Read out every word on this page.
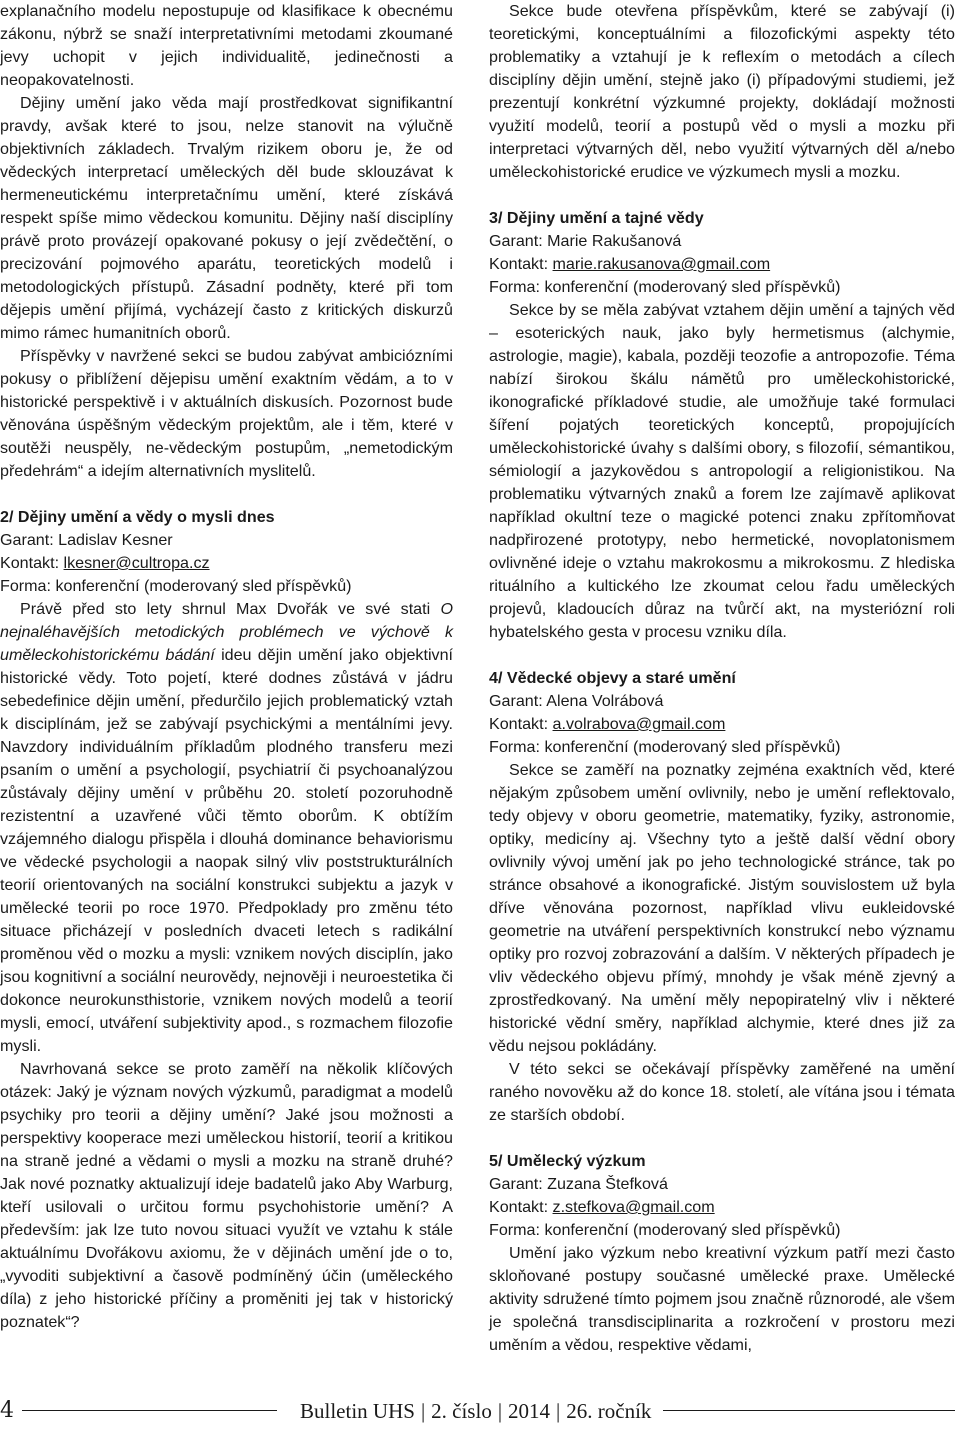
explanačního modelu nepostupuje od klasifikace k obecnému zákonu, nýbrž se snaží interpretativními metodami zkoumané jevy uchopit v jejich individualitě, jedinečnosti a neopakovatelnosti.

Dějiny umění jako věda mají prostředkovat signifikantní pravdy, avšak které to jsou, nelze stanovit na výlučně objektivních základech. Trvalým rizikem oboru je, že od vědeckých interpretací uměleckých děl bude sklouzávat k hermeneutickému interpretačnímu umění, které získává respekt spíše mimo vědeckou komunitu. Dějiny naší disciplíny právě proto provázejí opakované pokusy o její zvědečtění, o precizování pojmového aparátu, teoretických modelů i metodologických přístupů. Zásadní podněty, které při tom dějepis umění přijímá, vycházejí často z kritických diskurzů mimo rámec humanitních oborů.

Příspěvky v navržené sekci se budou zabývat ambiciózními pokusy o přiblížení dějepisu umění exaktním vědám, a to v historické perspektivě i v aktuálních diskusích. Pozornost bude věnována úspěšným vědeckým projektům, ale i těm, které v soutěži neuspěly, ne-vědeckým postupům, „nemetodickým předehrám“ a idejím alternativních myslitelů.

2/ Dějiny umění a vědy o mysli dnes

Garant: Ladislav Kesner

Kontakt: lkesner@cultropa.cz

Forma: konferenční (moderovaný sled příspěvků)

Právě před sto lety shrnul Max Dvořák ve své stati O nejnaléhavějších metodických problémech ve výchově k uměleckohistorickému bádání ideu dějin umění jako objektivní historické vědy. Toto pojetí, které dodnes zůstává v jádru sebedefinice dějin umění, předurčilo jejich problematický vztah k disciplínám, jež se zabývají psychickými a mentálními jevy. Navzdory individuálním příkladům plodného transferu mezi psaním o umění a psychologií, psychiatrií či psychoanalýzou zůstávaly dějiny umění v průběhu 20. století pozoruhodně rezistentní a uzavřené vůči těmto oborům. K obtížím vzájemného dialogu přispěla i dlouhá dominance behaviorismu ve vědecké psychologii a naopak silný vliv poststrukturálních teorií orientovaných na sociální konstrukci subjektu a jazyk v umělecké teorii po roce 1970. Předpoklady pro změnu této situace přicházejí v posledních dvaceti letech s radikální proměnou věd o mozku a mysli: vznikem nových disciplín, jako jsou kognitivní a sociální neurovědy, nejnověji i neuroestetika či dokonce neurokunsthistorie, vznikem nových modelů a teorií mysli, emocí, utváření subjektivity apod., s rozmachem filozofie mysli.

Navrhovaná sekce se proto zaměří na několik klíčových otázek: Jaký je význam nových výzkumů, paradigmat a modelů psychiky pro teorii a dějiny umění? Jaké jsou možnosti a perspektivy kooperace mezi uměleckou historií, teorií a kritikou na straně jedné a vědami o mysli a mozku na straně druhé? Jak nové poznatky aktualizují ideje badatelů jako Aby Warburg, kteří usilovali o určitou formu psychohistorie umění? A především: jak lze tuto novou situaci využít ve vztahu k stále aktuálnímu Dvořákovu axiomu, že v dějinách umění jde o to, „vyvoditi subjektivní a časově podmíněný účin (uměleckého díla) z jeho historické příčiny a proměniti jej tak v historický poznatek“?

Sekce bude otevřena příspěvkům, které se zabývají (i) teoretickými, konceptuálními a filozofickými aspekty této problematiky a vztahují je k reflexím o metodách a cílech disciplíny dějin umění, stejně jako (i) případovými studiemi, jež prezentují konkrétní výzkumné projekty, dokládají možnosti využití modelů, teorií a postupů věd o mysli a mozku při interpretaci výtvarných děl, nebo využití výtvarných děl a/nebo uměleckohistorické erudice ve výzkumech mysli a mozku.

3/ Dějiny umění a tajné vědy

Garant: Marie Rakušanová

Kontakt: marie.rakusanova@gmail.com

Forma: konferenční (moderovaný sled příspěvků)

Sekce by se měla zabývat vztahem dějin umění a tajných věd – esoterických nauk, jako byly hermetismus (alchymie, astrologie, magie), kabala, později teozofie a antropozofie. Téma nabízí širokou škálu námětů pro uměleckohistorické, ikonografické příkladové studie, ale umožňuje také formulaci šíření pojatých teoretických konceptů, propojujících uměleckohistorické úvahy s dalšími obory, s filozofií, sémantikou, sémiologií a jazykovědou s antropologií a religionistikou. Na problematiku výtvarných znaků a forem lze zajímavě aplikovat například okultní teze o magické potenci znaku zpřítomňovat nadpřirozené prototypy, nebo hermetické, novoplatonismem ovlivněné ideje o vztahu makrokosmu a mikrokosmu. Z hlediska rituálního a kultického lze zkoumat celou řadu uměleckých projevů, kladoucích důraz na tvůrčí akt, na mysteriózní roli hybatelského gesta v procesu vzniku díla.

4/ Vědecké objevy a staré umění

Garant: Alena Volrábová

Kontakt: a.volrabova@gmail.com

Forma: konferenční (moderovaný sled příspěvků)

Sekce se zaměří na poznatky zejména exaktních věd, které nějakým způsobem umění ovlivnily, nebo je umění reflektovalo, tedy objevy v oboru geometrie, matematiky, fyziky, astronomie, optiky, medicíny aj. Všechny tyto a ještě další vědní obory ovlivnily vývoj umění jak po jeho technologické stránce, tak po stránce obsahové a ikonografické. Jistým souvislostem už byla dříve věnována pozornost, například vlivu eukleidovské geometrie na utváření perspektivních konstrukcí nebo významu optiky pro rozvoj zobrazování a dalším. V některých případech je vliv vědeckého objevu přímý, mnohdy je však méně zjevný a zprostředkovaný. Na umění měly nepopiratelný vliv i některé historické vědní směry, například alchymie, které dnes již za vědu nejsou pokládány.

V této sekci se očekávají příspěvky zaměřené na umění raného novověku až do konce 18. století, ale vítána jsou i témata ze starších období.

5/ Umělecký výzkum

Garant: Zuzana Štefková

Kontakt: z.stefkova@gmail.com

Forma: konferenční (moderovaný sled příspěvků)

Umění jako výzkum nebo kreativní výzkum patří mezi často skloňované postupy současné umělecké praxe. Umělecké aktivity sdružené tímto pojmem jsou značně různorodé, ale všem je společná transdisciplinarita a rozkročení v prostoru mezi uměním a vědou, respektive vědami,

4	Bulletin UHS | 2. číslo | 2014 | 26. ročník
